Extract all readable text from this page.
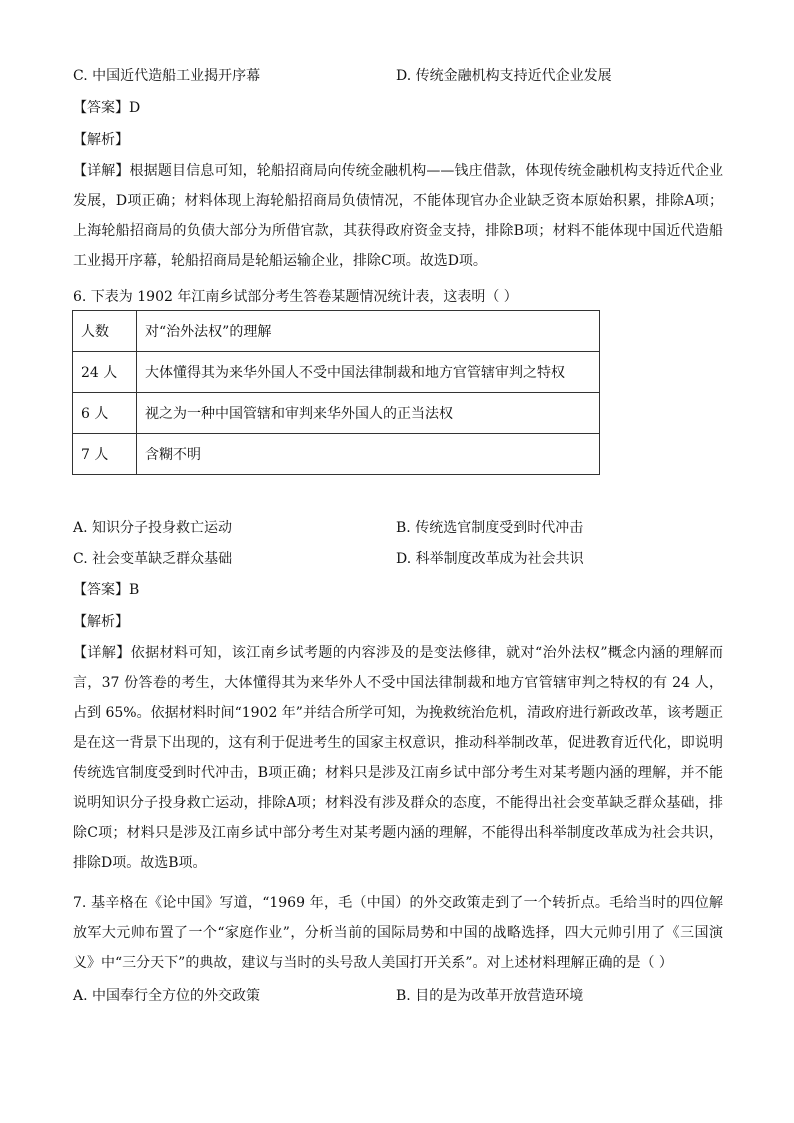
C. 中国近代造船工业揭开序幕	D. 传统金融机构支持近代企业发展
【答案】D
【解析】
【详解】根据题目信息可知，轮船招商局向传统金融机构——钱庄借款，体现传统金融机构支持近代企业发展，D项正确；材料体现上海轮船招商局负债情况，不能体现官办企业缺乏资本原始积累，排除A项；上海轮船招商局的负债大部分为所借官款，其获得政府资金支持，排除B项；材料不能体现中国近代造船工业揭开序幕，轮船招商局是轮船运输企业，排除C项。故选D项。
6. 下表为 1902 年江南乡试部分考生答卷某题情况统计表，这表明（ ）
人数	对“治外法权”的理解
24 人	大体懂得其为来华外国人不受中国法律制裁和地方官管辖审判之特权
6 人	视之为一种中国管辖和审判来华外国人的正当法权
7 人	含糊不明
A. 知识分子投身救亡运动	B. 传统选官制度受到时代冲击
C. 社会变革缺乏群众基础	D. 科举制度改革成为社会共识
【答案】B
【解析】
【详解】依据材料可知，该江南乡试考题的内容涉及的是变法修律，就对“治外法权”概念内涵的理解而言，37 份答卷的考生，大体懂得其为来华外人不受中国法律制裁和地方官管辖审判之特权的有 24 人，占到 65%。依据材料时间“1902 年”并结合所学可知，为挽救统治危机，清政府进行新政改革，该考题正是在这一背景下出现的，这有利于促进考生的国家主权意识，推动科举制改革，促进教育近代化，即说明传统选官制度受到时代冲击，B项正确；材料只是涉及江南乡试中部分考生对某考题内涵的理解，并不能说明知识分子投身救亡运动，排除A项；材料没有涉及群众的态度，不能得出社会变革缺乏群众基础，排除C项；材料只是涉及江南乡试中部分考生对某考题内涵的理解，不能得出科举制度改革成为社会共识，排除D项。故选B项。
7. 基辛格在《论中国》写道，“1969 年，毛（中国）的外交政策走到了一个转折点。毛给当时的四位解放军大元帅布置了一个“家庭作业”，分析当前的国际局势和中国的战略选择，四大元帅引用了《三国演义》中“三分天下”的典故，建议与当时的头号敌人美国打开关系”。对上述材料理解正确的是（ ）
A. 中国奉行全方位的外交政策	B. 目的是为改革开放营造环境
